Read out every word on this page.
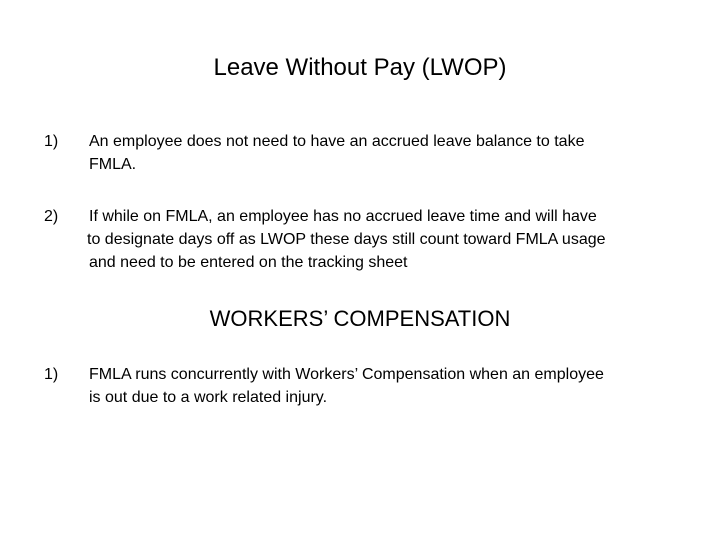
Leave Without Pay (LWOP)
1) An employee does not need to have an accrued leave balance to take
FMLA.
2) If while on FMLA, an employee has no accrued leave time and will have
to designate days off as LWOP these days still count toward FMLA usage
and need to be entered on the tracking sheet
WORKERS’ COMPENSATION
1) FMLA runs concurrently with Workers’ Compensation when an employee
is out due to a work related injury.
